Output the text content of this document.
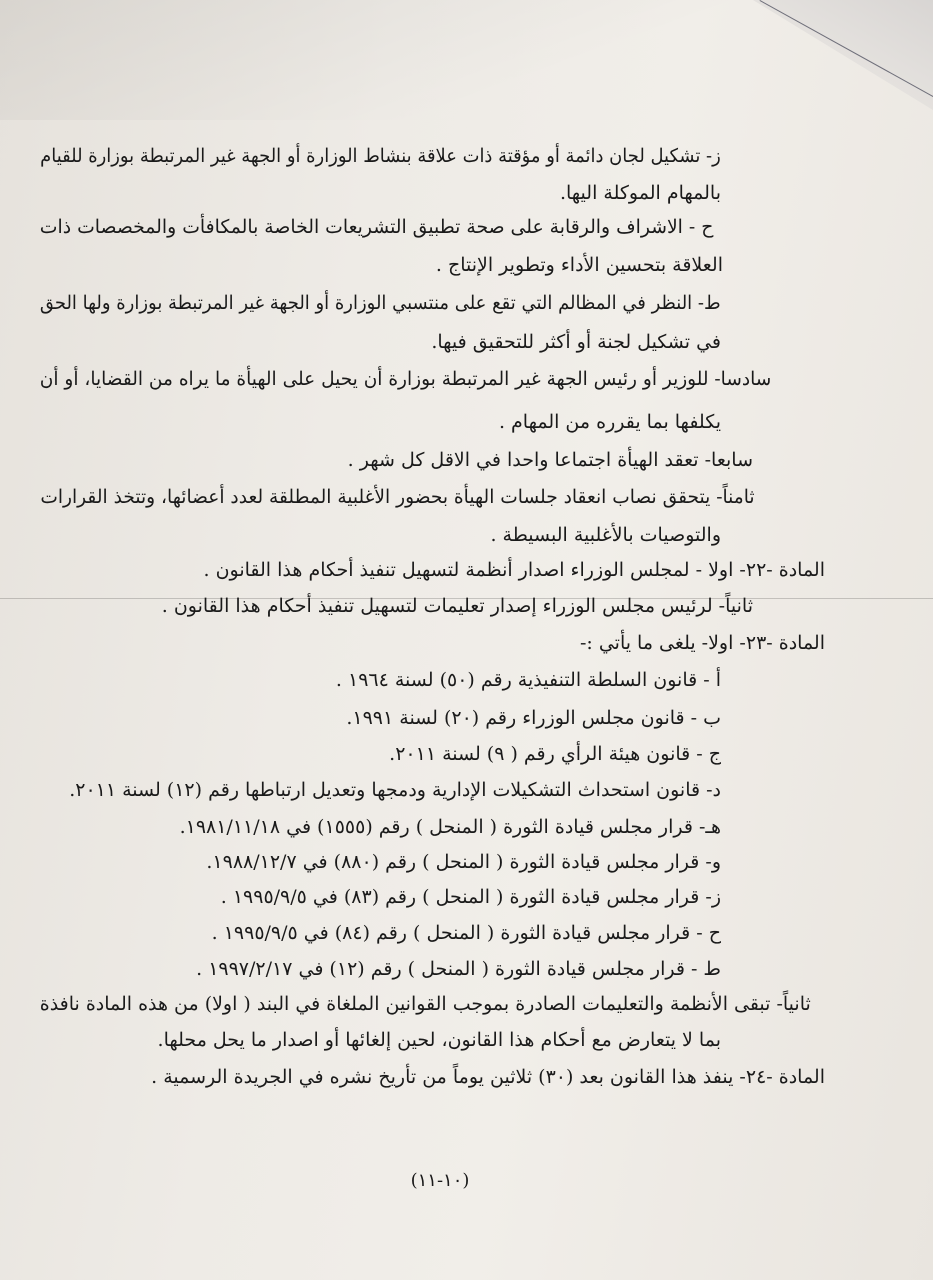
ز- تشكيل لجان دائمة أو مؤقتة ذات علاقة بنشاط الوزارة أو الجهة غير المرتبطة بوزارة للقيام
بالمهام الموكلة اليها.
ح - الاشراف والرقابة على صحة تطبيق التشريعات الخاصة بالمكافأت والمخصصات ذات
العلاقة بتحسين الأداء وتطوير الإنتاج .
ط- النظر في المظالم التي تقع على منتسبي الوزارة أو الجهة غير المرتبطة بوزارة ولها الحق
في تشكيل لجنة أو أكثر للتحقيق فيها.
سادسا- للوزير أو رئيس الجهة غير المرتبطة بوزارة أن يحيل على الهيأة ما يراه من القضايا، أو أن
يكلفها بما يقرره من المهام .
سابعا- تعقد الهيأة اجتماعا واحدا في الاقل كل شهر .
ثامناً- يتحقق نصاب انعقاد جلسات الهيأة بحضور الأغلبية المطلقة لعدد أعضائها، وتتخذ القرارات
والتوصيات بالأغلبية البسيطة .
المادة -٢٢- اولا - لمجلس الوزراء اصدار أنظمة لتسهيل تنفيذ أحكام هذا القانون .
ثانياً- لرئيس مجلس الوزراء إصدار تعليمات لتسهيل تنفيذ أحكام هذا القانون .
المادة -٢٣- اولا- يلغى ما يأتي :-
أ - قانون السلطة التنفيذية رقم (٥٠) لسنة ١٩٦٤ .
ب - قانون مجلس الوزراء رقم (٢٠) لسنة ١٩٩١.
ج - قانون هيئة الرأي رقم ( ٩) لسنة ٢٠١١.
د- قانون استحداث التشكيلات الإدارية ودمجها وتعديل ارتباطها رقم (١٢) لسنة ٢٠١١.
هـ- قرار مجلس قيادة الثورة ( المنحل ) رقم (١٥٥٥) في ١٩٨١/١١/١٨.
و- قرار مجلس قيادة الثورة ( المنحل ) رقم (٨٨٠) في ١٩٨٨/١٢/٧.
ز- قرار مجلس قيادة الثورة ( المنحل ) رقم (٨٣) في ١٩٩٥/٩/٥ .
ح - قرار مجلس قيادة الثورة ( المنحل ) رقم (٨٤) في ١٩٩٥/٩/٥ .
ط - قرار مجلس قيادة الثورة ( المنحل ) رقم (١٢) في ١٩٩٧/٢/١٧ .
ثانياً- تبقى الأنظمة والتعليمات الصادرة بموجب القوانين الملغاة في البند ( اولا) من هذه المادة نافذة
بما لا يتعارض مع أحكام هذا القانون، لحين إلغائها أو اصدار ما يحل محلها.
المادة -٢٤- ينفذ هذا القانون بعد (٣٠) ثلاثين يوماً من تأريخ نشره في الجريدة الرسمية .
(١٠-١١)
